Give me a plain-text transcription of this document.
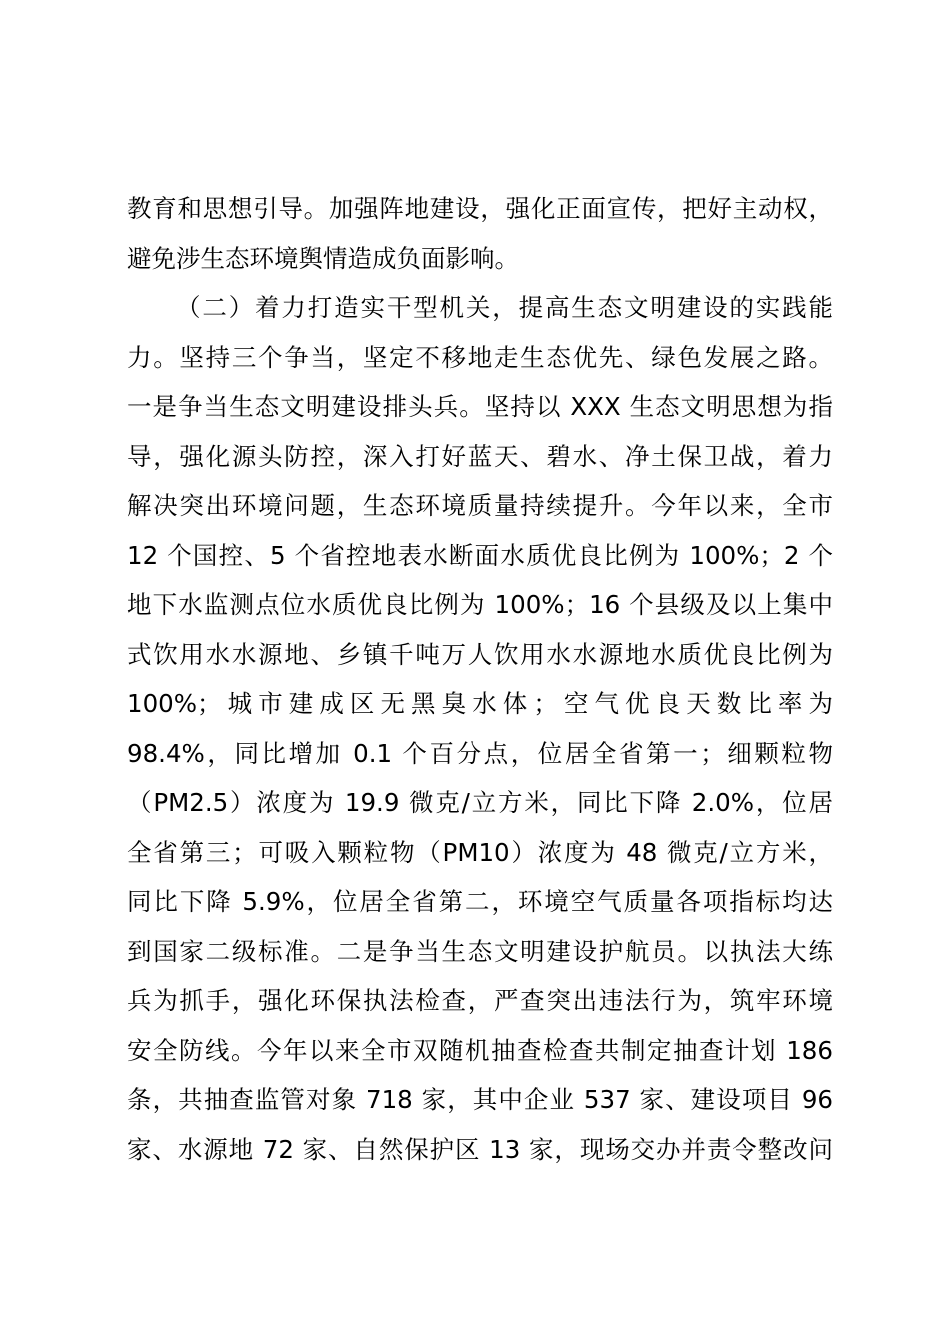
教育和思想引导。加强阵地建设，强化正面宣传，把好主动权，
避免涉生态环境舆情造成负面影响。
（二）着力打造实干型机关，提高生态文明建设的实践能
力。坚持三个争当，坚定不移地走生态优先、绿色发展之路。
一是争当生态文明建设排头兵。坚持以 XXX 生态文明思想为指
导，强化源头防控，深入打好蓝天、碧水、净土保卫战，着力
解决突出环境问题，生态环境质量持续提升。今年以来，全市
12 个国控、5 个省控地表水断面水质优良比例为 100%；2 个
地下水监测点位水质优良比例为 100%；16 个县级及以上集中
式饮用水水源地、乡镇千吨万人饮用水水源地水质优良比例为
100%；城市建成区无黑臭水体；空气优良天数比率为
98.4%，同比增加 0.1 个百分点，位居全省第一；细颗粒物
（PM2.5）浓度为 19.9 微克/立方米，同比下降 2.0%，位居
全省第三；可吸入颗粒物（PM10）浓度为 48 微克/立方米，
同比下降 5.9%，位居全省第二，环境空气质量各项指标均达
到国家二级标准。二是争当生态文明建设护航员。以执法大练
兵为抓手，强化环保执法检查，严查突出违法行为，筑牢环境
安全防线。今年以来全市双随机抽查检查共制定抽查计划 186
条，共抽查监管对象 718 家，其中企业 537 家、建设项目 96
家、水源地 72 家、自然保护区 13 家，现场交办并责令整改问
